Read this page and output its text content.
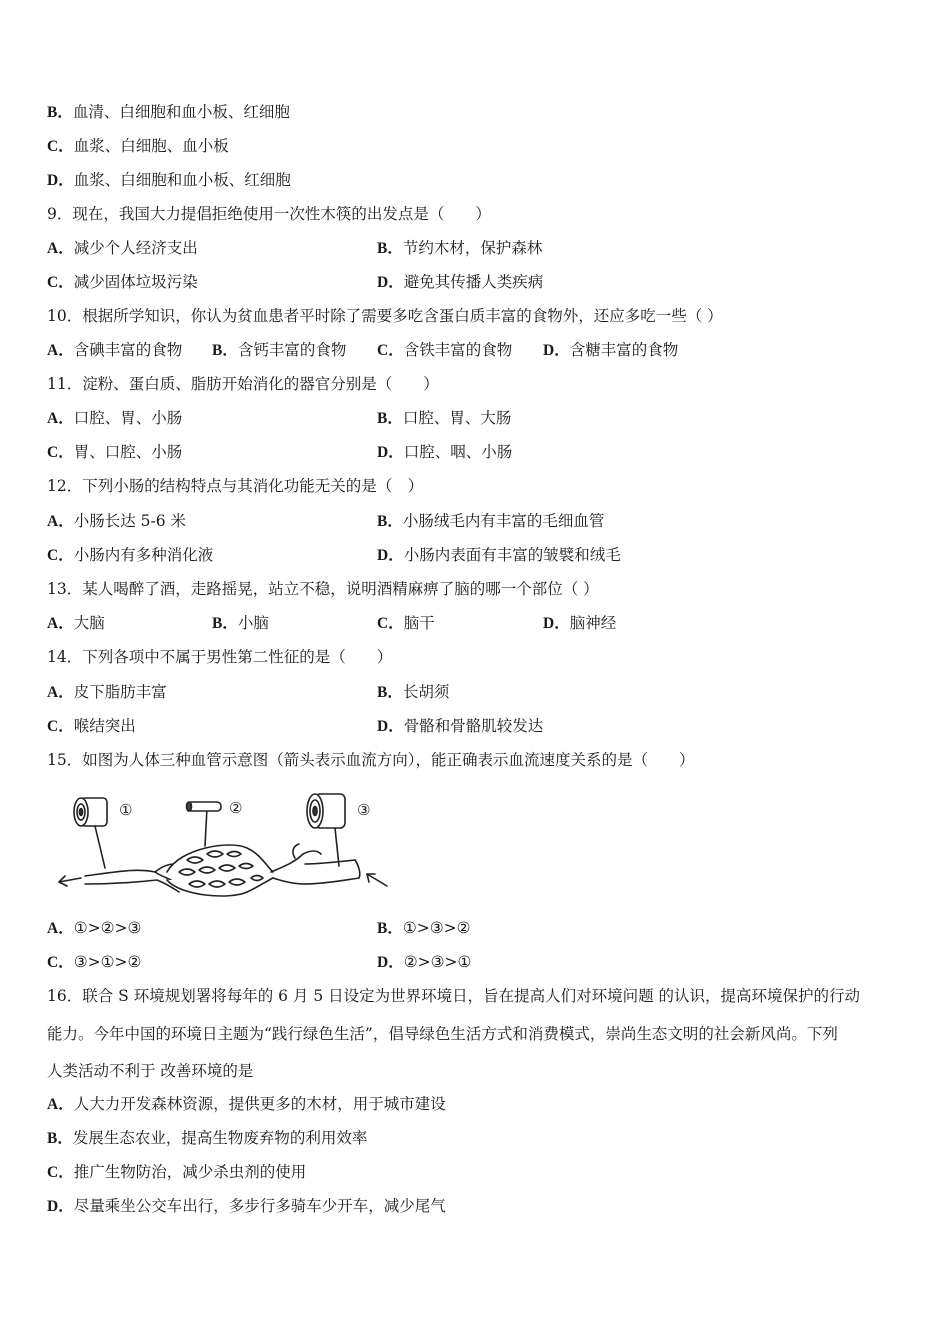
B．血清、白细胞和血小板、红细胞
C．血浆、白细胞、血小板
D．血浆、白细胞和血小板、红细胞
9．现在，我国大力提倡拒绝使用一次性木筷的出发点是（　　）
A．减少个人经济支出	B．节约木材，保护森林
C．减少固体垃圾污染	D．避免其传播人类疾病
10．根据所学知识，你认为贫血患者平时除了需要多吃含蛋白质丰富的食物外，还应多吃一些（ ）
A．含碘丰富的食物 B．含钙丰富的食物 C．含铁丰富的食物 D．含糖丰富的食物
11．淀粉、蛋白质、脂肪开始消化的器官分别是（　　）
A．口腔、胃、小肠	B．口腔、胃、大肠
C．胃、口腔、小肠	D．口腔、咽、小肠
12．下列小肠的结构特点与其消化功能无关的是（　）
A．小肠长达 5-6 米	B．小肠绒毛内有丰富的毛细血管
C．小肠内有多种消化液	D．小肠内表面有丰富的皱襞和绒毛
13．某人喝醉了酒，走路摇晃，站立不稳，说明酒精麻痹了脑的哪一个部位（ ）
A．大脑	B．小脑	C．脑干	D．脑神经
14．下列各项中不属于男性第二性征的是（　　）
A．皮下脂肪丰富	B．长胡须
C．喉结突出	D．骨骼和骨骼肌较发达
15．如图为人体三种血管示意图（箭头表示血流方向），能正确表示血流速度关系的是（　　）
①	②	③
A．①>②>③	B．①>③>②
C．③>①>②	D．②>③>①
16．联合 S 环境规划署将每年的 6 月 5 日设定为世界环境日，旨在提高人们对环境问题 的认识，提高环境保护的行动
能力。今年中国的环境日主题为“践行绿色生活”，倡导绿色生活方式和消费模式，崇尚生态文明的社会新风尚。下列
人类活动不利于 改善环境的是
A．人大力开发森林资源，提供更多的木材，用于城市建设
B．发展生态农业，提高生物废弃物的利用效率
C．推广生物防治，减少杀虫剂的使用
D．尽量乘坐公交车出行，多步行多骑车少开车，减少尾气
